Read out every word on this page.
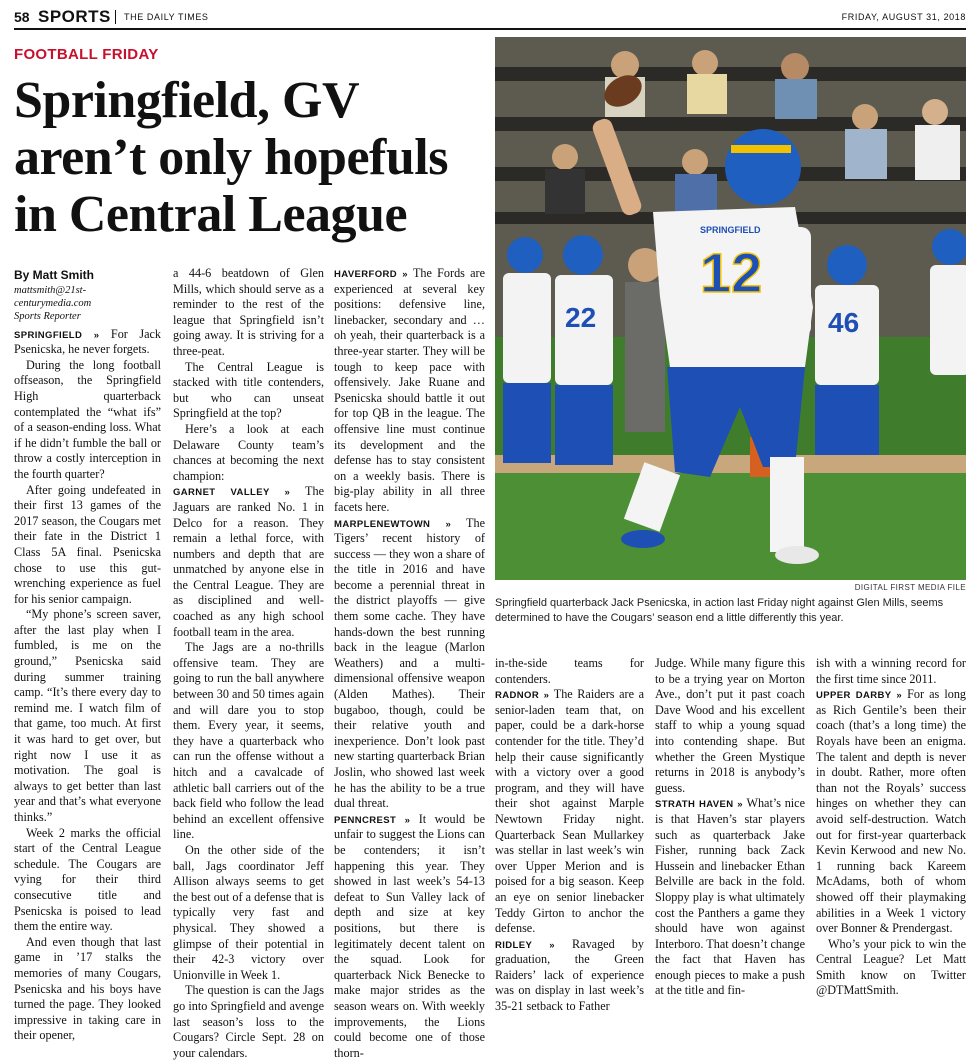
58 SPORTS THE DAILY TIMES	FRIDAY, AUGUST 31, 2018
FOOTBALL FRIDAY
Springfield, GV aren’t only hopefuls in Central League
22	46
SPRINGFIELD
12
DIGITAL FIRST MEDIA FILE
Springfield quarterback Jack Psenicska, in action last Friday night against Glen Mills, seems determined to have the Cougars’ season end a little differently this year.
By Matt Smith
mattsmith@21st-centurymedia.com
Sports Reporter

SPRINGFIELD » For Jack Psenicska, he never forgets.

During the long football offseason, the Springfield High quarterback contemplated the “what ifs” of a season-ending loss. What if he didn’t fumble the ball or throw a costly interception in the fourth quarter?

After going undefeated in their first 13 games of the 2017 season, the Cougars met their fate in the District 1 Class 5A final. Psenicska chose to use this gut-wrenching experience as fuel for his senior campaign.

“My phone’s screen saver, after the last play when I fumbled, is me on the ground,” Psenicska said during summer training camp. “It’s there every day to remind me. I watch film of that game, too much. At first it was hard to get over, but right now I use it as motivation. The goal is always to get better than last year and that’s what everyone thinks.”

Week 2 marks the official start of the Central League schedule. The Cougars are vying for their third consecutive title and Psenicska is poised to lead them the entire way.

And even though that last game in ’17 stalks the memories of many Cougars, Psenicska and his boys have turned the page. They looked impressive in taking care in their opener,

a 44-6 beatdown of Glen Mills, which should serve as a reminder to the rest of the league that Springfield isn’t going away. It is striving for a three-peat.

The Central League is stacked with title contenders, but who can unseat Springfield at the top?

Here’s a look at each Delaware County team’s chances at becoming the next champion:

GARNET VALLEY » The Jaguars are ranked No. 1 in Delco for a reason. They remain a lethal force, with numbers and depth that are unmatched by anyone else in the Central League. They are as disciplined and well-coached as any high school football team in the area.

The Jags are a no-thrills offensive team. They are going to run the ball anywhere between 30 and 50 times again and will dare you to stop them. Every year, it seems, they have a quarterback who can run the offense without a hitch and a cavalcade of athletic ball carriers out of the back field who follow the lead behind an excellent offensive line.

On the other side of the ball, Jags coordinator Jeff Allison always seems to get the best out of a defense that is typically very fast and physical. They showed a glimpse of their potential in their 42-3 victory over Unionville in Week 1.

The question is can the Jags go into Springfield and avenge last season’s loss to the Cougars? Circle Sept. 28 on your calendars.

HAVERFORD » The Fords are experienced at several key positions: defensive line, linebacker, secondary and … oh yeah, their quarterback is a three-year starter. They will be tough to keep pace with offensively. Jake Ruane and Psenicska should battle it out for top QB in the league. The offensive line must continue its development and the defense has to stay consistent on a weekly basis. There is big-play ability in all three facets here.

MARPLENEWTOWN » The Tigers’ recent history of success — they won a share of the title in 2016 and have become a perennial threat in the district playoffs — give them some cache. They have hands-down the best running back in the league (Marlon Weathers) and a multi-dimensional offensive weapon (Alden Mathes). Their bugaboo, though, could be their relative youth and inexperience. Don’t look past new starting quarterback Brian Joslin, who showed last week he has the ability to be a true dual threat.

PENNCREST » It would be unfair to suggest the Lions can be contenders; it isn’t happening this year. They showed in last week’s 54-13 defeat to Sun Valley lack of depth and size at key positions, but there is legitimately decent talent on the squad. Look for quarterback Nick Benecke to make major strides as the season wears on. With weekly improvements, the Lions could become one of those thorn-

in-the-side teams for contenders.

RADNOR » The Raiders are a senior-laden team that, on paper, could be a dark-horse contender for the title. They’d help their cause significantly with a victory over a good program, and they will have their shot against Marple Newtown Friday night. Quarterback Sean Mullarkey was stellar in last week’s win over Upper Merion and is poised for a big season. Keep an eye on senior linebacker Teddy Girton to anchor the defense.

RIDLEY » Ravaged by graduation, the Green Raiders’ lack of experience was on display in last week’s 35-21 setback to Father

Judge. While many figure this to be a trying year on Morton Ave., don’t put it past coach Dave Wood and his excellent staff to whip a young squad into contending shape. But whether the Green Mystique returns in 2018 is anybody’s guess.

STRATH HAVEN » What’s nice is that Haven’s star players such as quarterback Jake Fisher, running back Zack Hussein and linebacker Ethan Belville are back in the fold. Sloppy play is what ultimately cost the Panthers a game they should have won against Interboro. That doesn’t change the fact that Haven has enough pieces to make a push at the title and fin-

ish with a winning record for the first time since 2011.

UPPER DARBY » For as long as Rich Gentile’s been their coach (that’s a long time) the Royals have been an enigma. The talent and depth is never in doubt. Rather, more often than not the Royals’ success hinges on whether they can avoid self-destruction. Watch out for first-year quarterback Kevin Kerwood and new No. 1 running back Kareem McAdams, both of whom showed off their playmaking abilities in a Week 1 victory over Bonner & Prendergast.

Who’s your pick to win the Central League? Let Matt Smith know on Twitter @DTMattSmith.
